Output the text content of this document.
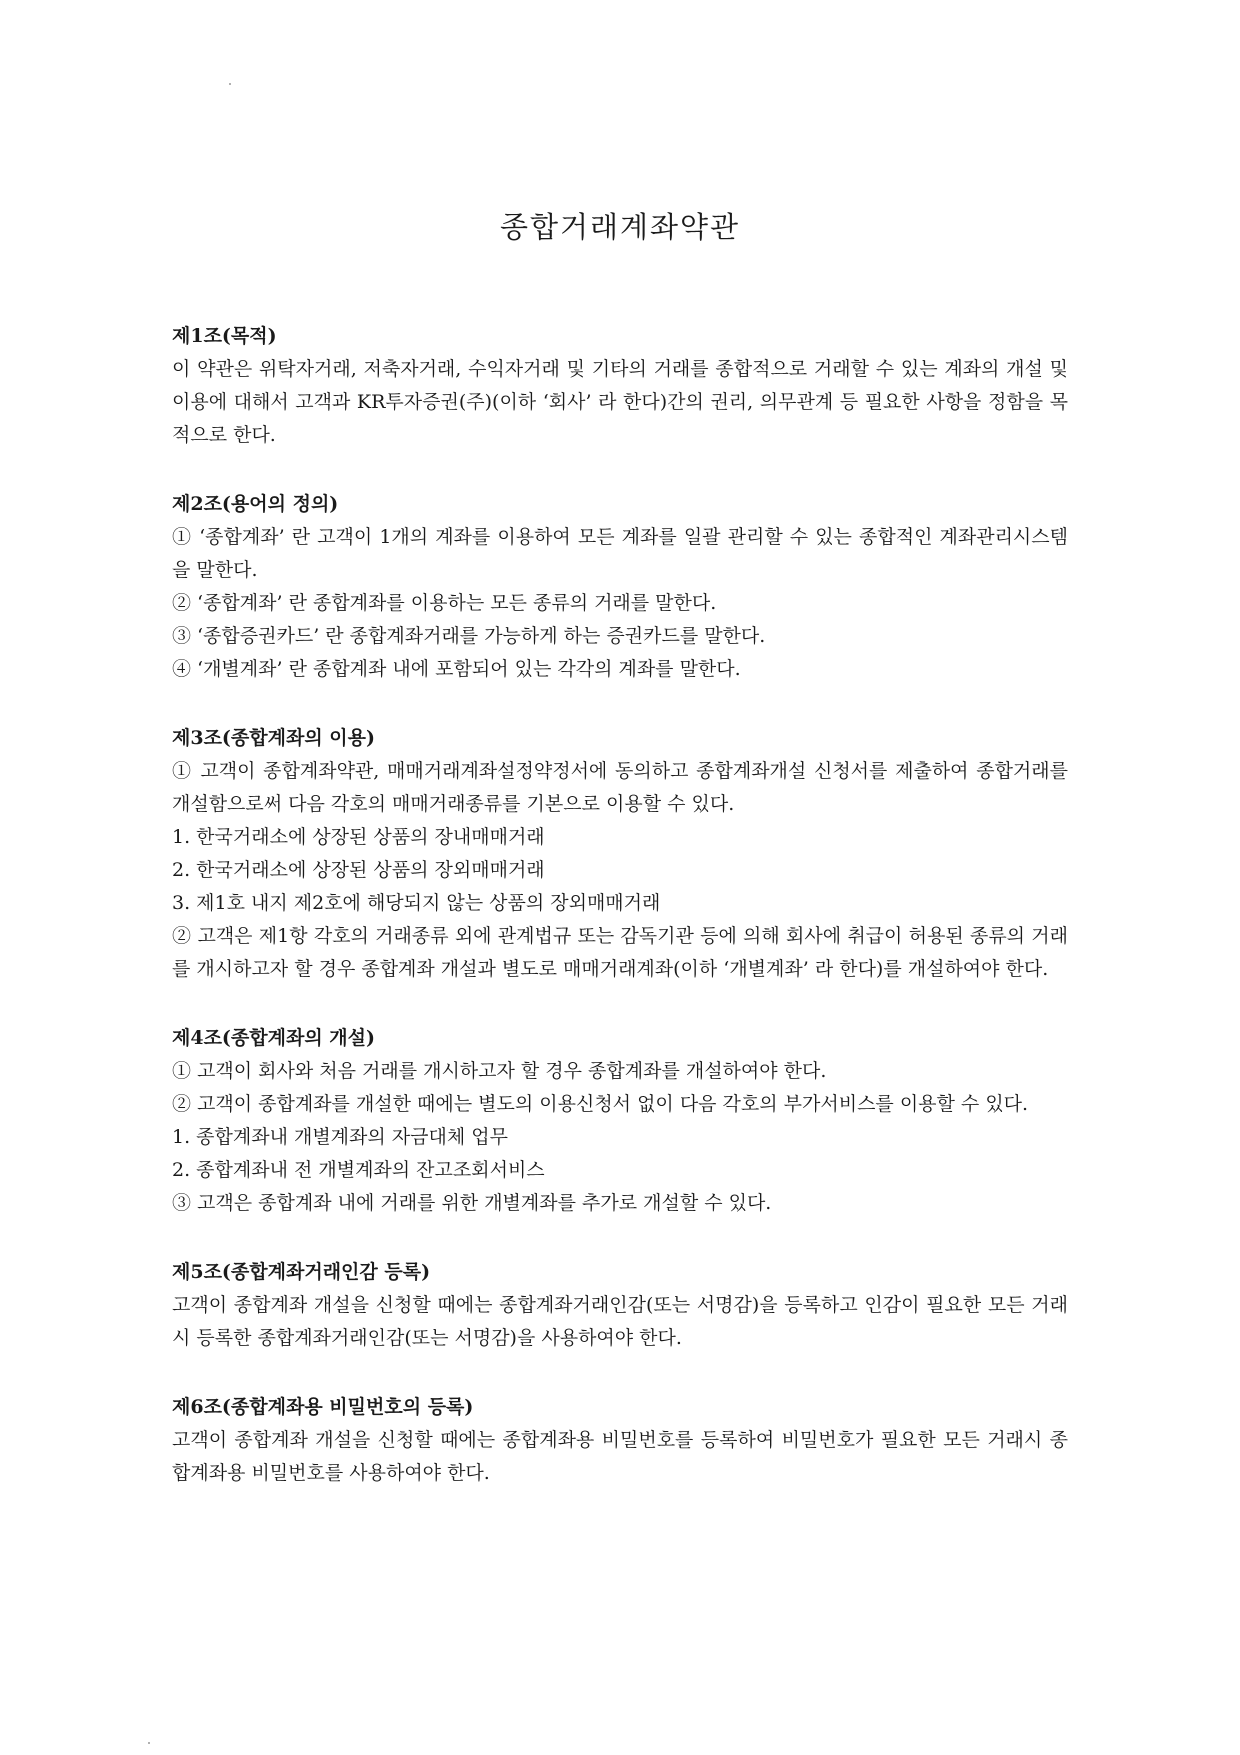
종합거래계좌약관

제1조(목적)

이 약관은 위탁자거래, 저축자거래, 수익자거래 및 기타의 거래를 종합적으로 거래할 수 있는 계좌의 개설 및 이용에 대해서 고객과 KR투자증권(주)(이하 ‘회사’ 라 한다)간의 권리, 의무관계 등 필요한 사항을 정함을 목적으로 한다.

제2조(용어의 정의)

① ‘종합계좌’ 란 고객이 1개의 계좌를 이용하여 모든 계좌를 일괄 관리할 수 있는 종합적인 계좌관리시스템을 말한다.

② ‘종합계좌’ 란 종합계좌를 이용하는 모든 종류의 거래를 말한다.

③ ‘종합증권카드’ 란 종합계좌거래를 가능하게 하는 증권카드를 말한다.

④ ‘개별계좌’ 란 종합계좌 내에 포함되어 있는 각각의 계좌를 말한다.

제3조(종합계좌의 이용)

① 고객이 종합계좌약관, 매매거래계좌설정약정서에 동의하고 종합계좌개설 신청서를 제출하여 종합거래를 개설함으로써 다음 각호의 매매거래종류를 기본으로 이용할 수 있다.

1. 한국거래소에 상장된 상품의 장내매매거래

2. 한국거래소에 상장된 상품의 장외매매거래

3. 제1호 내지 제2호에 해당되지 않는 상품의 장외매매거래

② 고객은 제1항 각호의 거래종류 외에 관계법규 또는 감독기관 등에 의해 회사에 취급이 허용된 종류의 거래를 개시하고자 할 경우 종합계좌 개설과 별도로 매매거래계좌(이하 ‘개별계좌’ 라 한다)를 개설하여야 한다.

제4조(종합계좌의 개설)

① 고객이 회사와 처음 거래를 개시하고자 할 경우 종합계좌를 개설하여야 한다.

② 고객이 종합계좌를 개설한 때에는 별도의 이용신청서 없이 다음 각호의 부가서비스를 이용할 수 있다.

1. 종합계좌내 개별계좌의 자금대체 업무

2. 종합계좌내 전 개별계좌의 잔고조회서비스

③ 고객은 종합계좌 내에 거래를 위한 개별계좌를 추가로 개설할 수 있다.

제5조(종합계좌거래인감 등록)

고객이 종합계좌 개설을 신청할 때에는 종합계좌거래인감(또는 서명감)을 등록하고 인감이 필요한 모든 거래시 등록한 종합계좌거래인감(또는 서명감)을 사용하여야 한다.

제6조(종합계좌용 비밀번호의 등록)

고객이 종합계좌 개설을 신청할 때에는 종합계좌용 비밀번호를 등록하여 비밀번호가 필요한 모든 거래시 종합계좌용 비밀번호를 사용하여야 한다.
